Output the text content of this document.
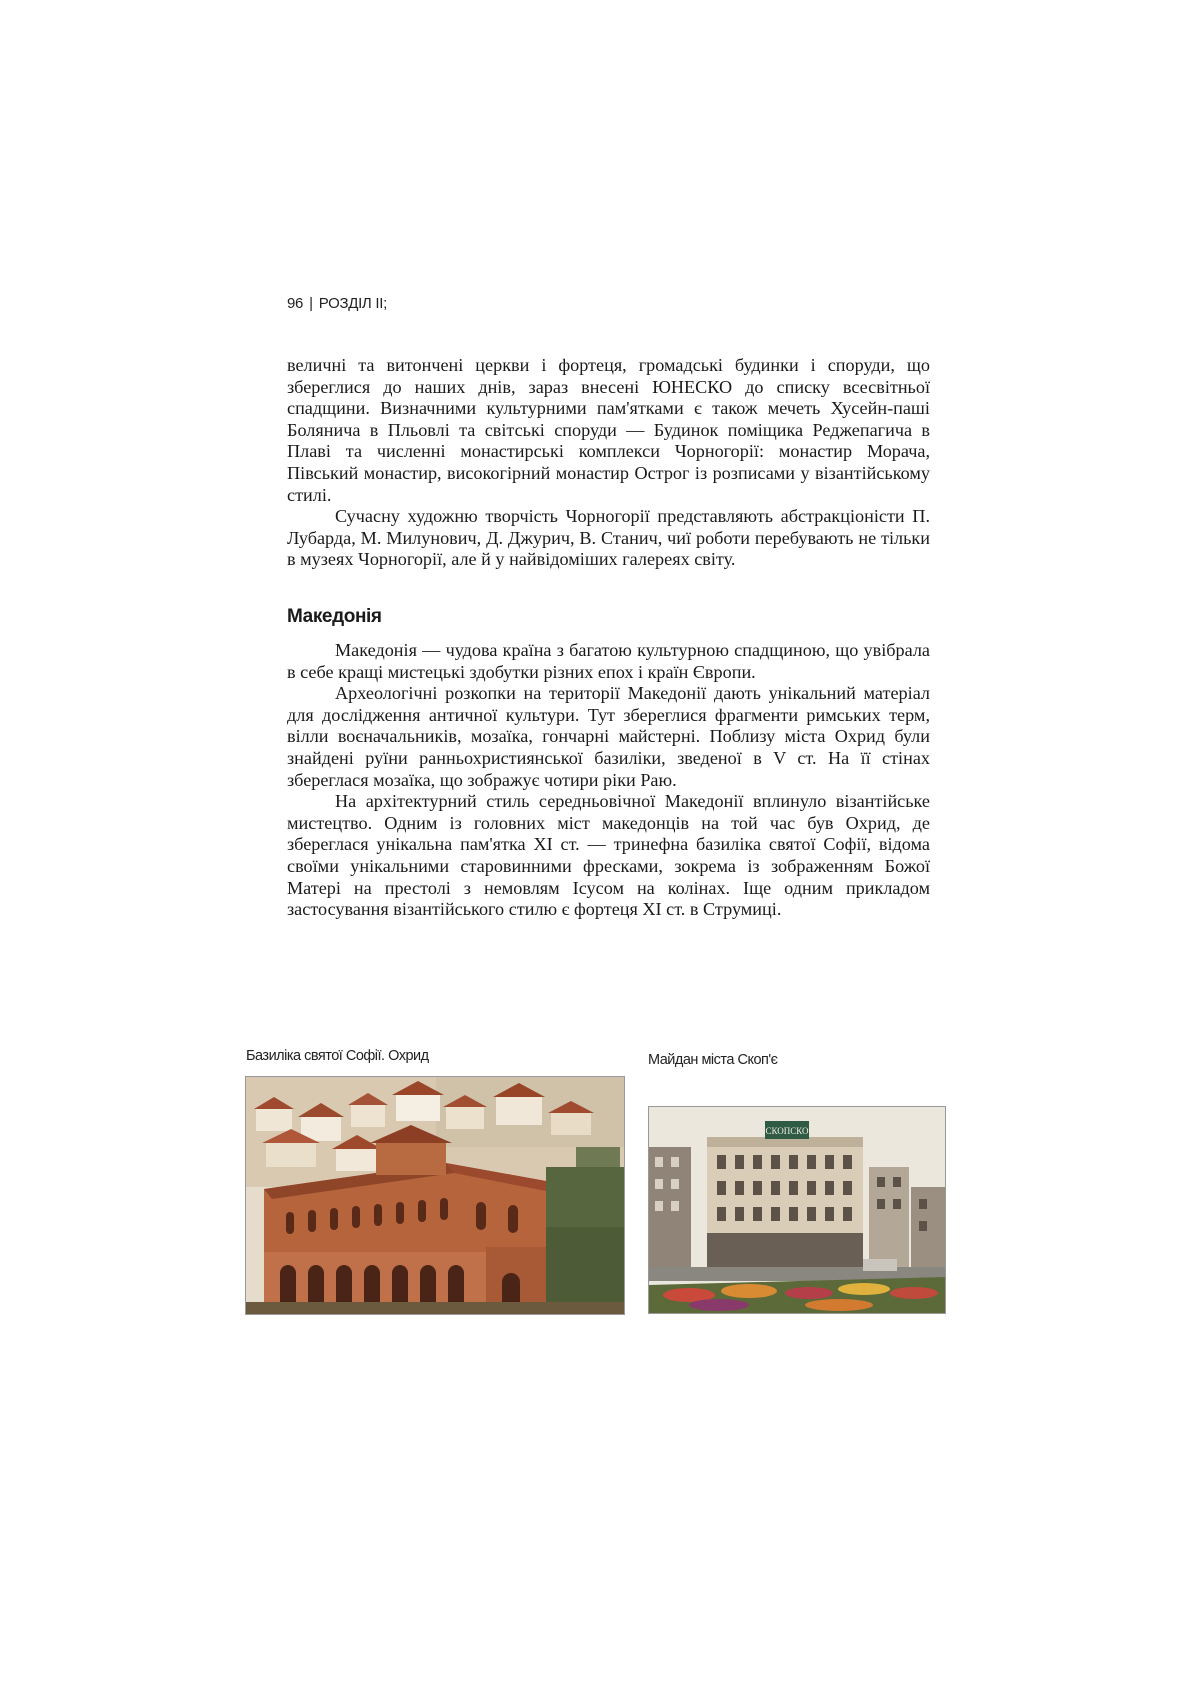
96 | РОЗДІЛ ІІ;

величні та витончені церкви і фортеця, громадські будинки і споруди, що збереглися до наших днів, зараз внесені ЮНЕСКО до списку всесвітньої спадщини. Визначними культурними пам'ятками є також мечеть Хусейн-паші Болянича в Пльовлі та світські споруди — Будинок поміщика Реджепагича в Плаві та численні монастирські комплекси Чорногорії: монастир Морача, Півський монастир, високогірний монастир Острог із розписами у візантійському стилі.

Сучасну художню творчість Чорногорії представляють абстракціоністи П. Лубарда, М. Милунович, Д. Джурич, В. Станич, чиї роботи перебувають не тільки в музеях Чорногорії, але й у найвідоміших галереях світу.

Македонія

Македонія — чудова країна з багатою культурною спадщиною, що увібрала в себе кращі мистецькі здобутки різних епох і країн Європи.

Археологічні розкопки на території Македонії дають унікальний матеріал для дослідження античної культури. Тут збереглися фрагменти римських терм, вілли воєначальників, мозаїка, гончарні майстерні. Поблизу міста Охрид були знайдені руїни ранньохристиянської базиліки, зведеної в V ст. На її стінах збереглася мозаїка, що зображує чотири ріки Раю.

На архітектурний стиль середньовічної Македонії вплинуло візантійське мистецтво. Одним із головних міст македонців на той час був Охрид, де збереглася унікальна пам'ятка XI ст. — тринефна базиліка святої Софії, відома своїми унікальними старовинними фресками, зокрема із зображенням Божої Матері на престолі з немовлям Ісусом на колінах. Іще одним прикладом застосування візантійського стилю є фортеця XI ст. в Струмиці.

Базиліка святої Софії. Охрид	Майдан міста Скоп'є
СКОПСКО
